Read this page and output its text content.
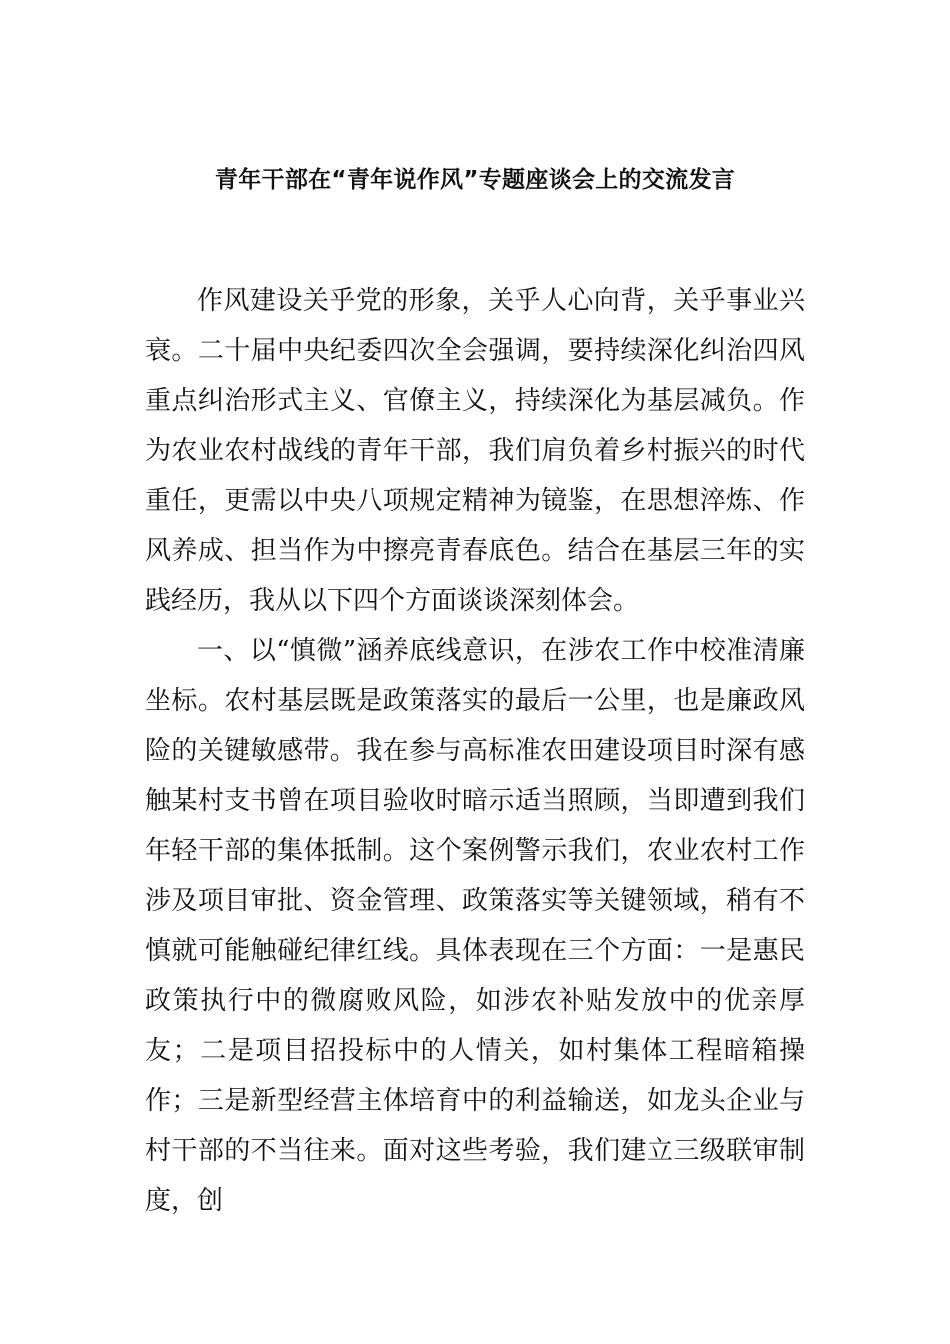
青年干部在“青年说作风”专题座谈会上的交流发言

作风建设关乎党的形象，关乎人心向背，关乎事业兴衰。二十届中央纪委四次全会强调，要持续深化纠治四风重点纠治形式主义、官僚主义，持续深化为基层减负。作为农业农村战线的青年干部，我们肩负着乡村振兴的时代重任，更需以中央八项规定精神为镜鉴，在思想淬炼、作风养成、担当作为中擦亮青春底色。结合在基层三年的实践经历，我从以下四个方面谈谈深刻体会。

一、以“慎微”涵养底线意识，在涉农工作中校准清廉坐标。农村基层既是政策落实的最后一公里，也是廉政风险的关键敏感带。我在参与高标准农田建设项目时深有感触某村支书曾在项目验收时暗示适当照顾，当即遭到我们年轻干部的集体抵制。这个案例警示我们，农业农村工作涉及项目审批、资金管理、政策落实等关键领域，稍有不慎就可能触碰纪律红线。具体表现在三个方面：一是惠民政策执行中的微腐败风险，如涉农补贴发放中的优亲厚友；二是项目招投标中的人情关，如村集体工程暗箱操作；三是新型经营主体培育中的利益输送，如龙头企业与村干部的不当往来。面对这些考验，我们建立三级联审制度，创
